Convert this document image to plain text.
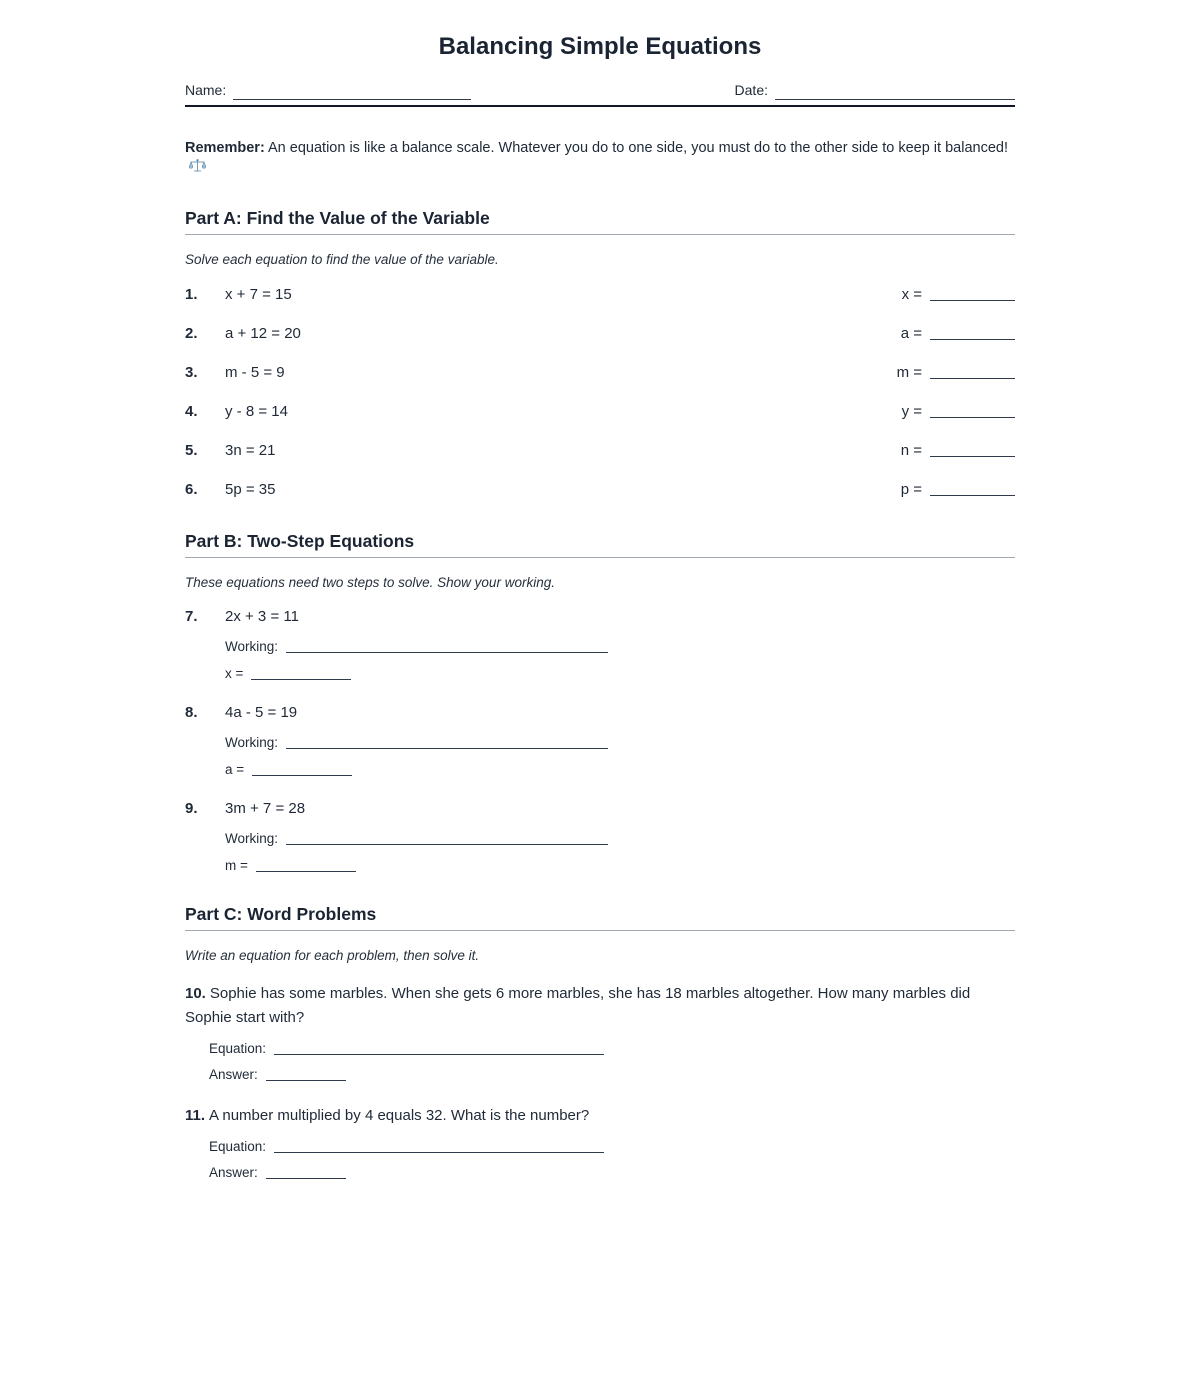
Balancing Simple Equations
Name:	Date:

Remember: An equation is like a balance scale. Whatever you do to one side, you must do to the other side to keep it balanced!

Part A: Find the Value of the Variable

Solve each equation to find the value of the variable.

1.	x + 7 = 15	x =
2.	a + 12 = 20	a =
3.	m - 5 = 9	m =
4.	y - 8 = 14	y =
5.	3n = 21	n =
6.	5p = 35	p =
Part B: Two-Step Equations

These equations need two steps to solve. Show your working.

7.	2x + 3 = 11
Working:
x =
8.	4a - 5 = 19
Working:
a =
9.	3m + 7 = 28
Working:
m =
Part C: Word Problems

Write an equation for each problem, then solve it.

10. Sophie has some marbles. When she gets 6 more marbles, she has 18 marbles altogether. How many marbles did Sophie start with?

Equation:
Answer:

11. A number multiplied by 4 equals 32. What is the number?

Equation:
Answer:
